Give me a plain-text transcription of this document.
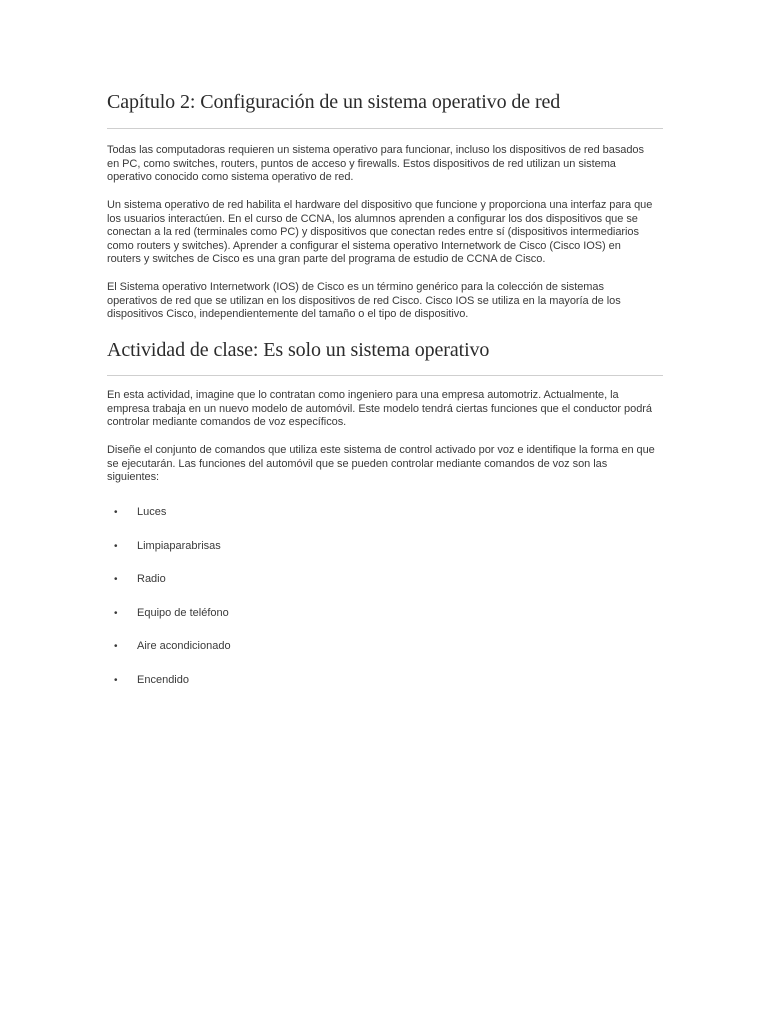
Capítulo 2: Configuración de un sistema operativo de red

Todas las computadoras requieren un sistema operativo para funcionar, incluso los dispositivos de red basados en PC, como switches, routers, puntos de acceso y firewalls. Estos dispositivos de red utilizan un sistema operativo conocido como sistema operativo de red.

Un sistema operativo de red habilita el hardware del dispositivo que funcione y proporciona una interfaz para que los usuarios interactúen. En el curso de CCNA, los alumnos aprenden a configurar los dos dispositivos que se conectan a la red (terminales como PC) y dispositivos que conectan redes entre sí (dispositivos intermediarios como routers y switches). Aprender a configurar el sistema operativo Internetwork de Cisco (Cisco IOS) en routers y switches de Cisco es una gran parte del programa de estudio de CCNA de Cisco.

El Sistema operativo Internetwork (IOS) de Cisco es un término genérico para la colección de sistemas operativos de red que se utilizan en los dispositivos de red Cisco. Cisco IOS se utiliza en la mayoría de los dispositivos Cisco, independientemente del tamaño o el tipo de dispositivo.

Actividad de clase: Es solo un sistema operativo

En esta actividad, imagine que lo contratan como ingeniero para una empresa automotriz. Actualmente, la empresa trabaja en un nuevo modelo de automóvil. Este modelo tendrá ciertas funciones que el conductor podrá controlar mediante comandos de voz específicos.

Diseñe el conjunto de comandos que utiliza este sistema de control activado por voz e identifique la forma en que se ejecutarán. Las funciones del automóvil que se pueden controlar mediante comandos de voz son las siguientes:

• Luces
• Limpiaparabrisas
• Radio
• Equipo de teléfono
• Aire acondicionado
• Encendido
